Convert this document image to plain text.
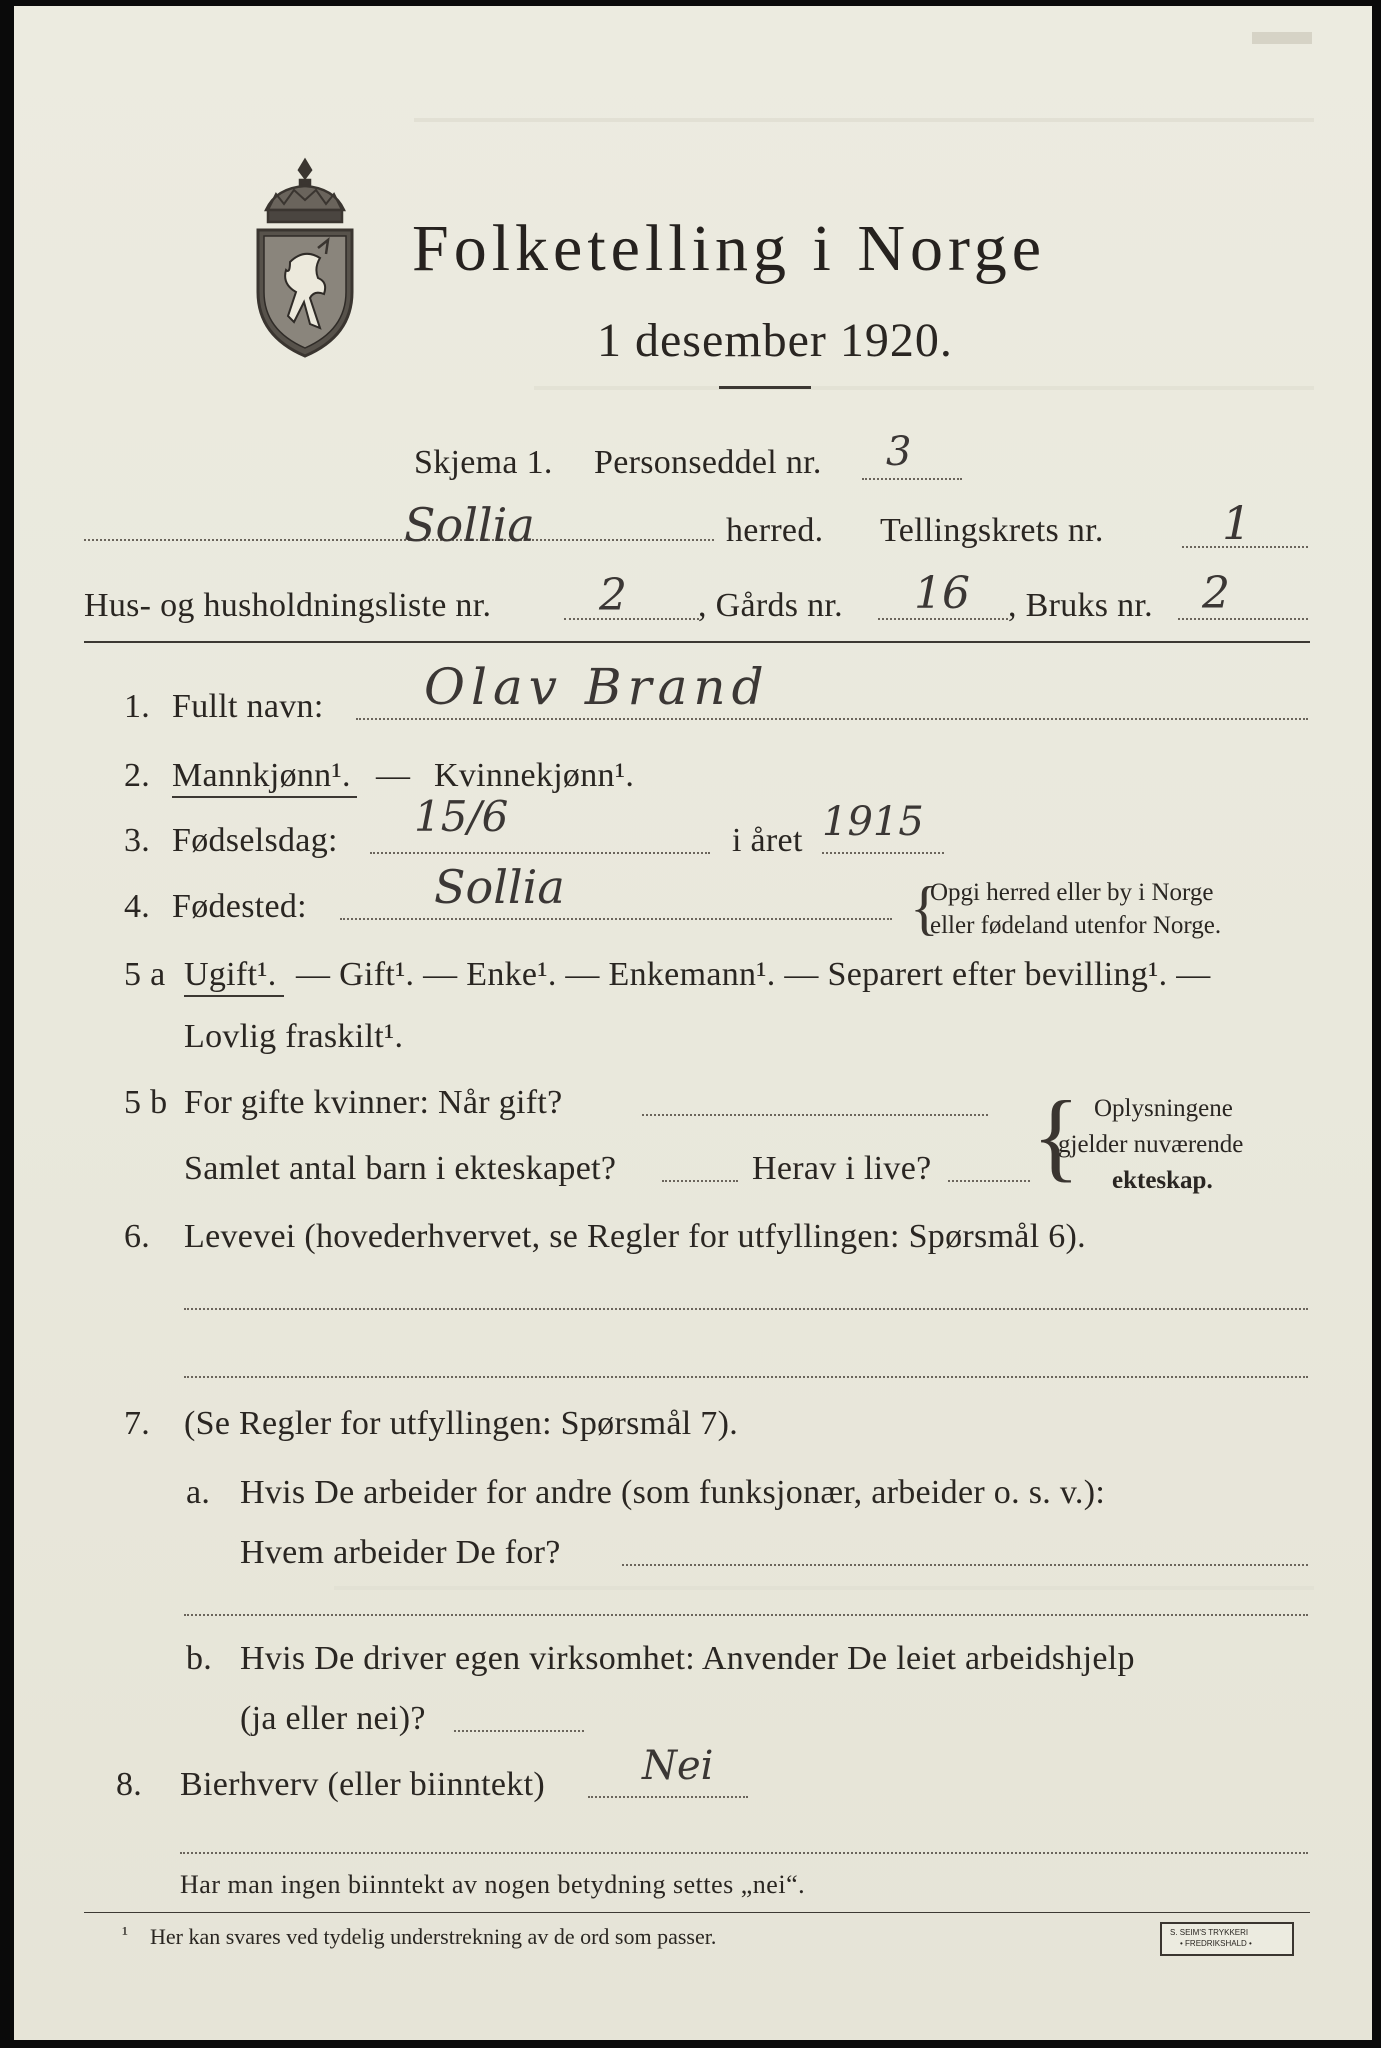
Folketelling i Norge
1 desember 1920.
Skjema 1. Personseddel nr. 3
Sollia	herred. Tellingskrets nr.	1
Hus- og husholdningsliste nr. 2 , Gårds nr. 16 , Bruks nr. 2
1. Fullt navn: Olav Brand
2. Mannkjønn¹. — Kvinnekjønn¹.
3. Fødselsdag: 15/6	i året 1915
4. Fødested:	Sollia	{
Opgi herred eller by i Norge
eller fødeland utenfor Norge.
5 a Ugift¹. — Gift¹. — Enke¹. — Enkemann¹. — Separert efter bevilling¹. —
Lovlig fraskilt¹.
5 b For gifte kvinner: Når gift?
Samlet antal barn i ekteskapet?	Herav i live? { Oplysningene
gjelder nuværende
ekteskap.
6. Levevei (hovederhvervet, se Regler for utfyllingen: Spørsmål 6).
7. (Se Regler for utfyllingen: Spørsmål 7).
a. Hvis De arbeider for andre (som funksjonær, arbeider o. s. v.):
Hvem arbeider De for?
b. Hvis De driver egen virksomhet: Anvender De leiet arbeidshjelp
(ja eller nei)?
8. Bierhverv (eller biinntekt) Nei
Har man ingen biinntekt av nogen betydning settes „nei“.
¹ Her kan svares ved tydelig understrekning av de ord som passer.	S. SEIM'S TRYKKERI
• FREDRIKSHALD •
